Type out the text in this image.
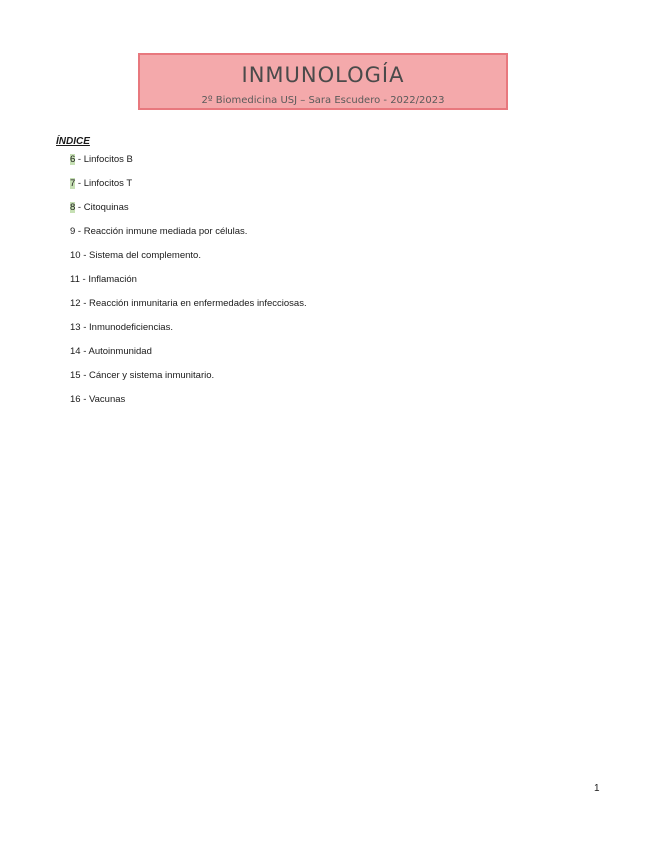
INMUNOLOGÍA
2º Biomedicina USJ – Sara Escudero - 2022/2023
ÍNDICE
6 - Linfocitos B
7 - Linfocitos T
8 - Citoquinas
9 - Reacción inmune mediada por células.
10 - Sistema del complemento.
11 - Inflamación
12 - Reacción inmunitaria en enfermedades infecciosas.
13 - Inmunodeficiencias.
14 - Autoinmunidad
15 - Cáncer y sistema inmunitario.
16 - Vacunas
1
